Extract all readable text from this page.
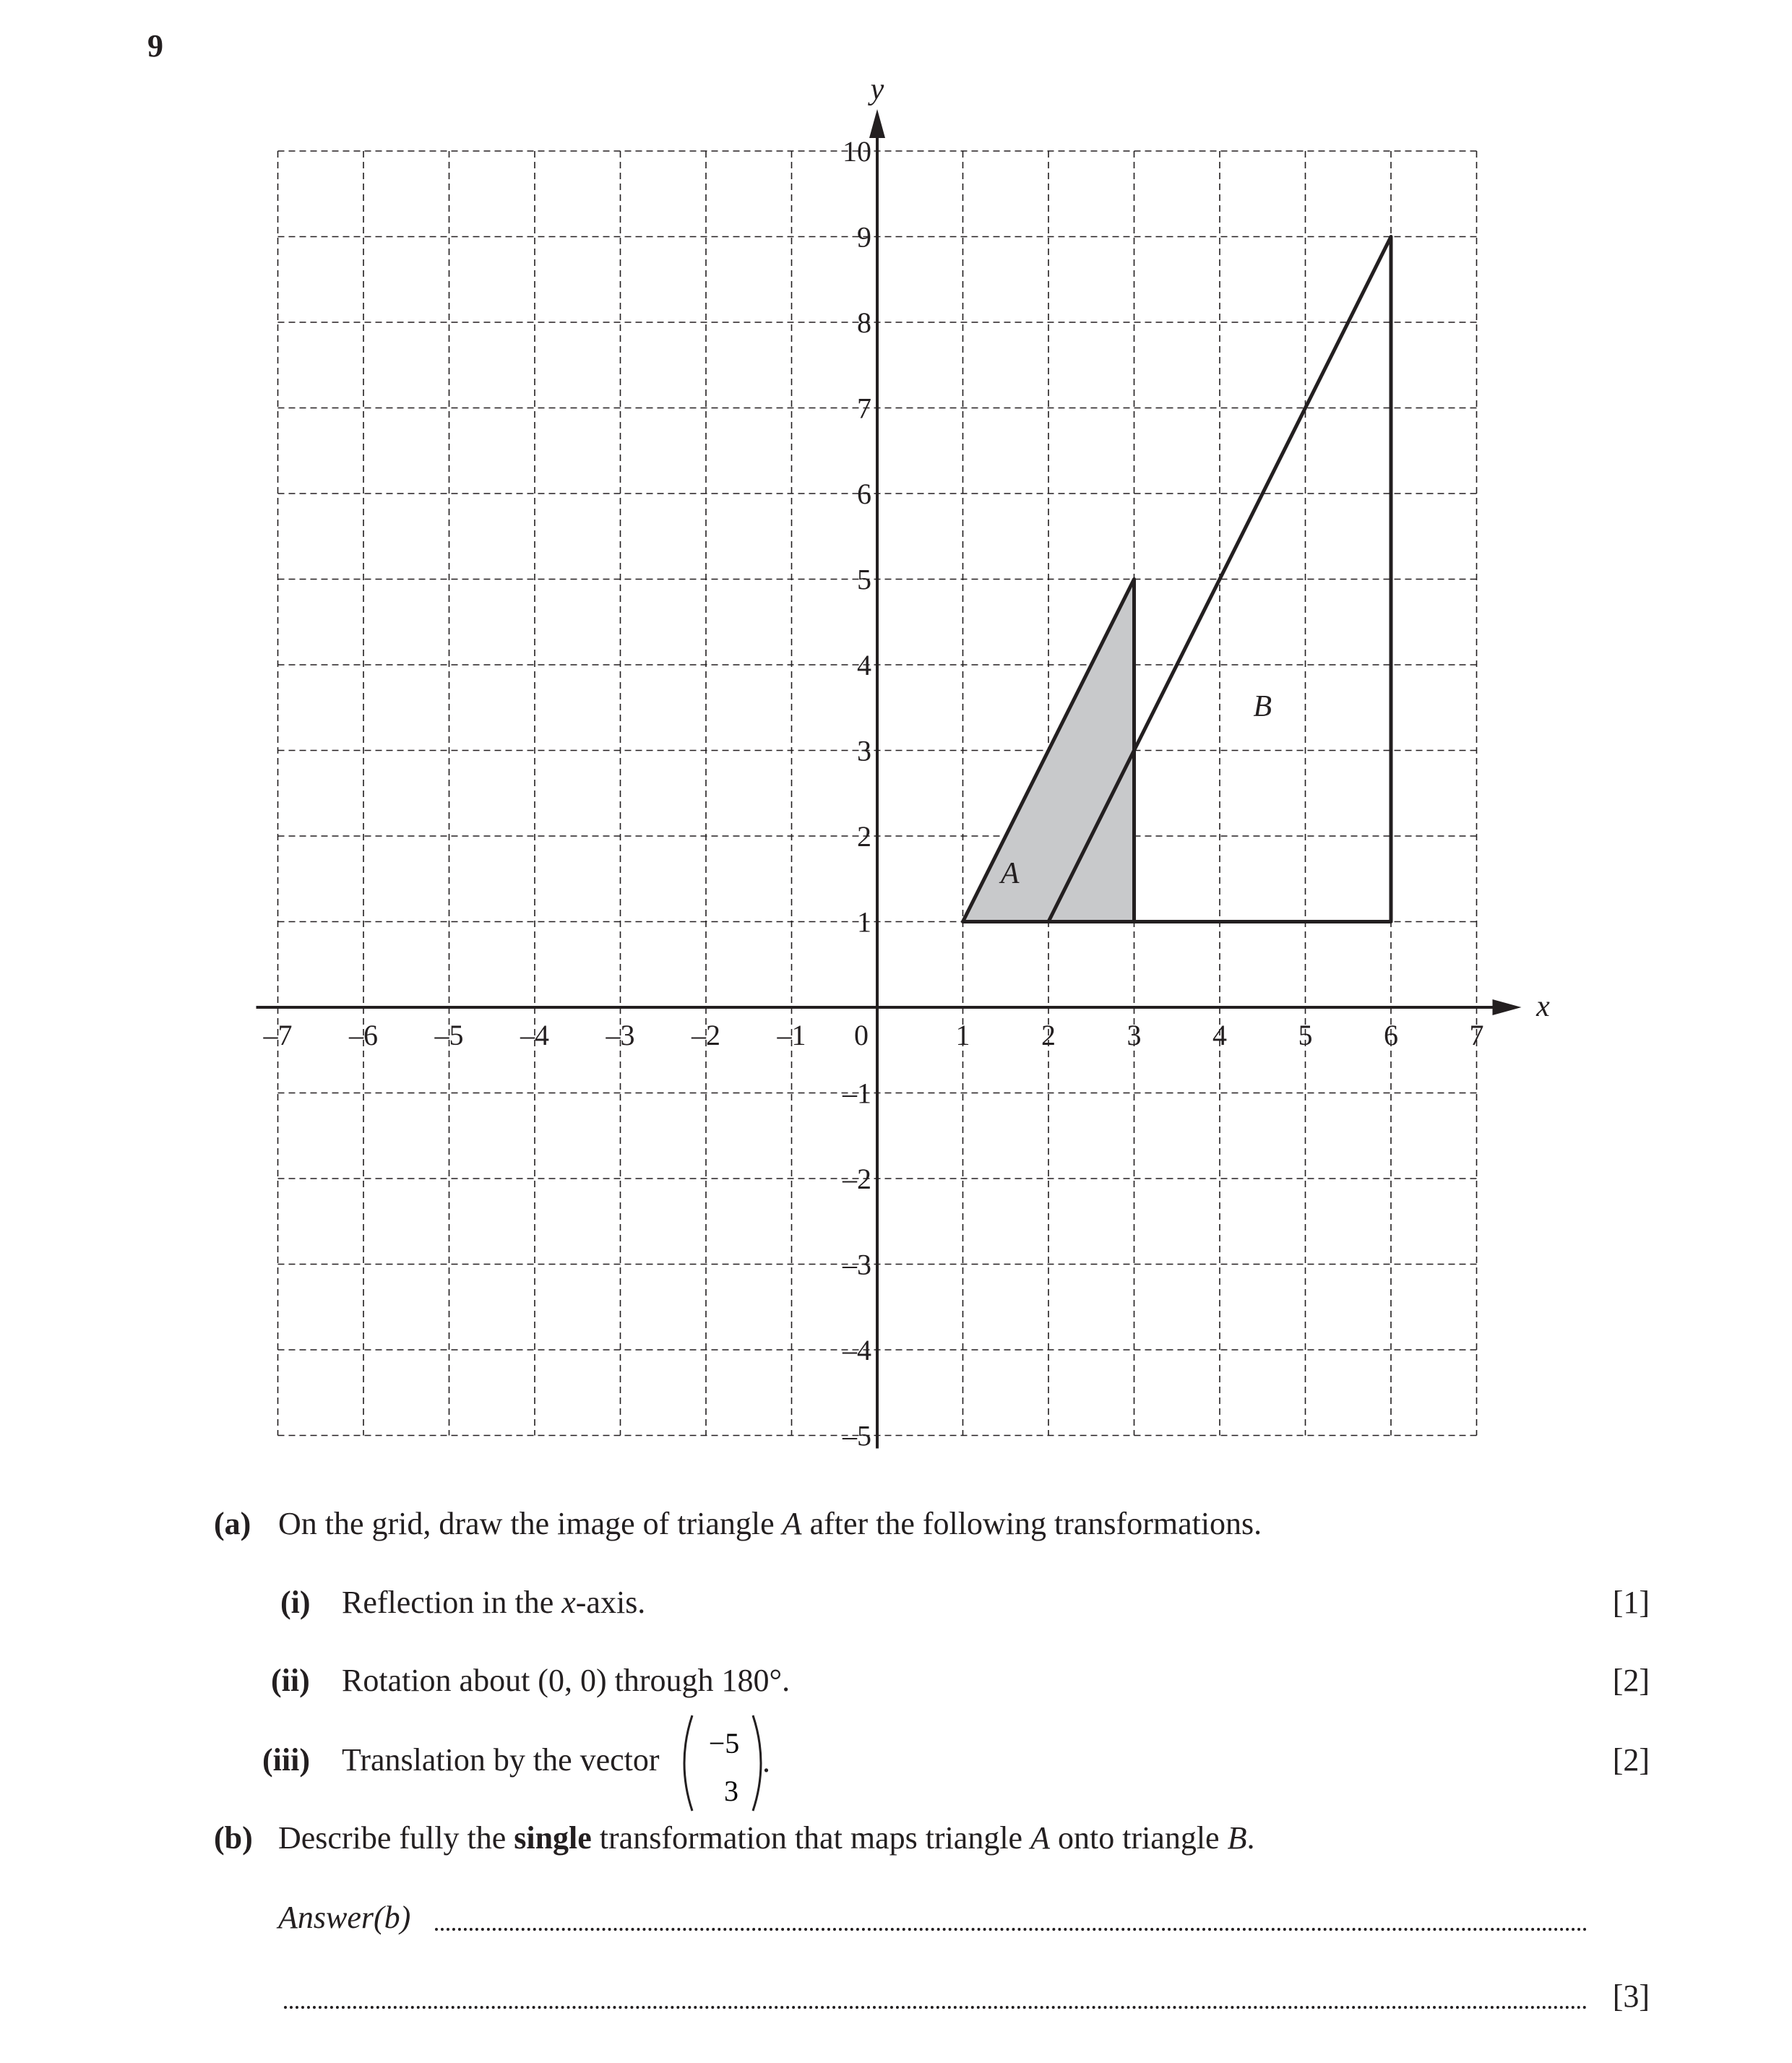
9
A
B
x
y
–7 –6 –5 –4 –3 –2 –1	1 2 3 4 5 6 7
0
–5
–4
–3
–2
–1
1
2
3
4
5
6
7
8
9
10
(a) On the grid, draw the image of triangle A after the following transformations.
(i) Reflection in the x-axis.	[1]
(ii) Rotation about (0, 0) through 180°.	[2]
(iii) Translation by the vector −5
3
.	[2]
(b) Describe fully the single transformation that maps triangle A onto triangle B.
Answer(b)
[3]
